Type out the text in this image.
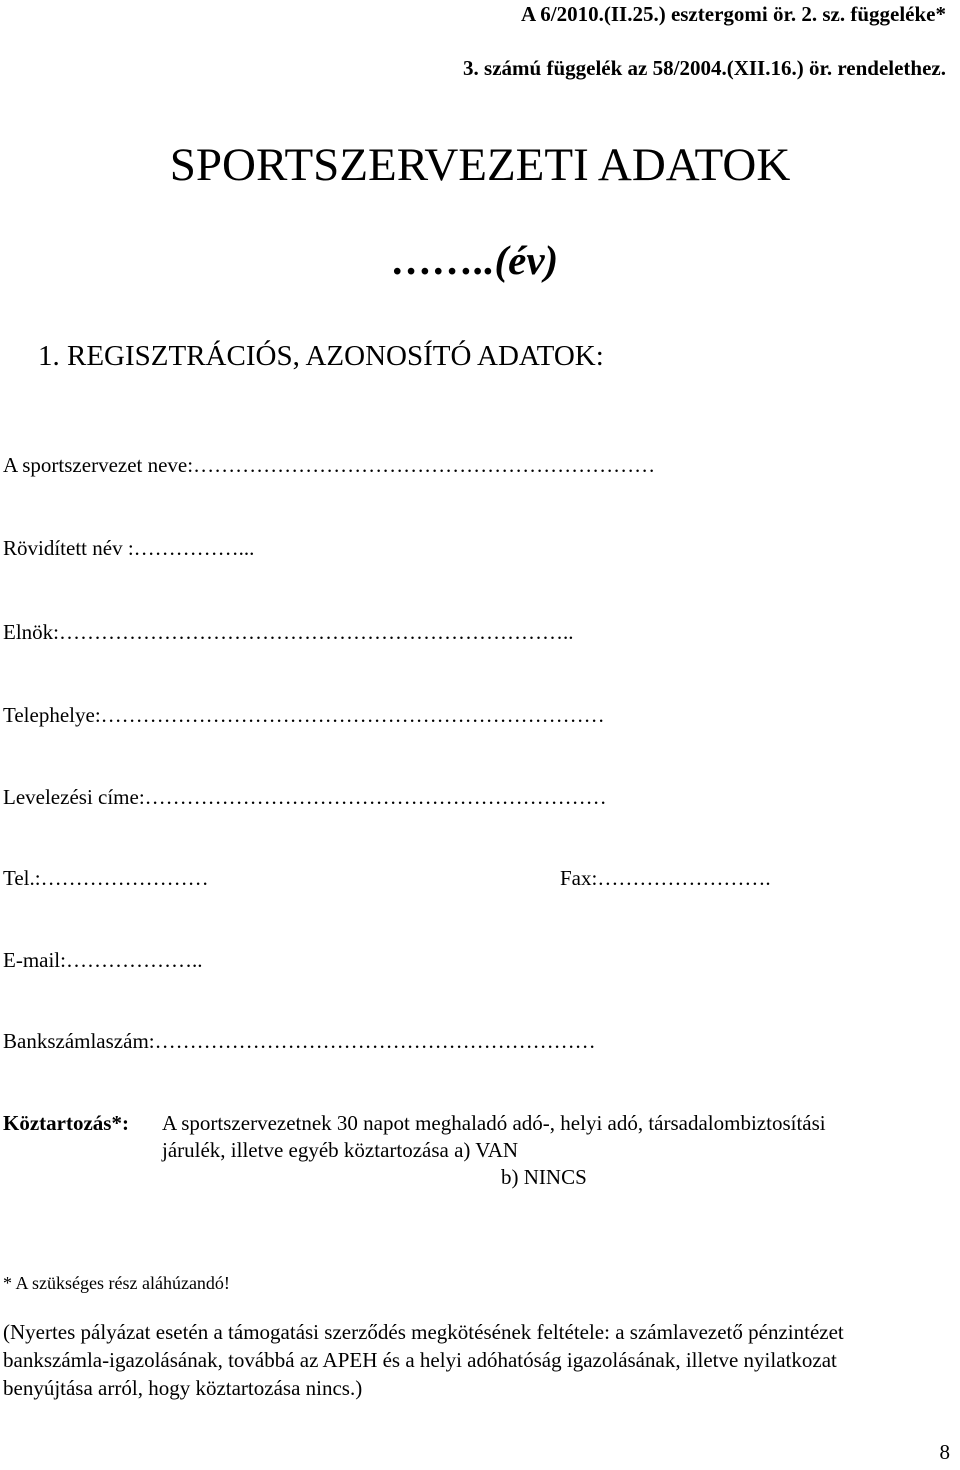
A 6/2010.(II.25.) esztergomi ör. 2. sz. függeléke*
3. számú függelék az 58/2004.(XII.16.) ör. rendelethez.
SPORTSZERVEZETI ADATOK
……..(év)
1. REGISZTRÁCIÓS, AZONOSÍTÓ ADATOK:
A sportszervezet neve:…………………………………………………………
Rövidített név :……………...
Elnök:………………………………………………………………..
Telephelye:………………………………………………………………
Levelezési címe:…………………………………………………………
Tel.:……………………	Fax:…………………….
E-mail:………………..
Bankszámlaszám:………………………………………………………
Köztartozás*: A sportszervezetnek 30 napot meghaladó adó-, helyi adó, társadalombiztosítási
járulék, illetve egyéb köztartozása a) VAN
b) NINCS
* A szükséges rész aláhúzandó!
(Nyertes pályázat esetén a támogatási szerződés megkötésének feltétele: a számlavezető pénzintézet
bankszámla-igazolásának, továbbá az APEH és a helyi adóhatóság igazolásának, illetve nyilatkozat
benyújtása arról, hogy köztartozása nincs.)
8
